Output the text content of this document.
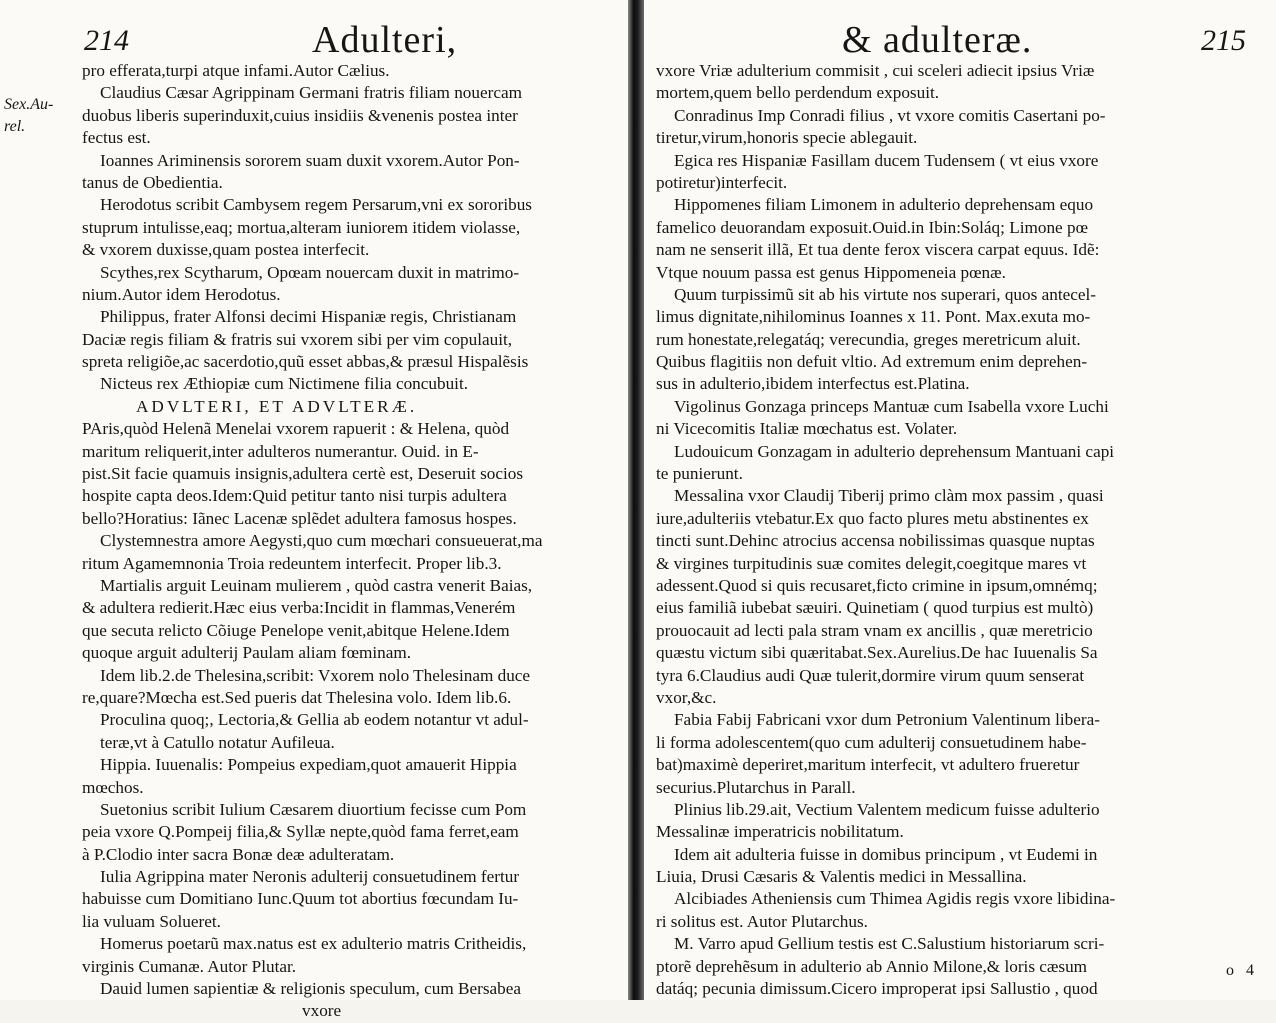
214	Adulteri,
Sex.Au-
rel.
pro efferata,turpi atque infami.Autor Cælius.
Claudius Cæsar Agrippinam Germani fratris filiam nouercam
duobus liberis superinduxit,cuius insidiis &venenis postea inter
fectus est.
Ioannes Ariminensis sororem suam duxit vxorem.Autor Pon-
tanus de Obedientia.
Herodotus scribit Cambysem regem Persarum,vni ex sororibus
stuprum intulisse,eaq; mortua,alteram iuniorem itidem violasse,
& vxorem duxisse,quam postea interfecit.
Scythes,rex Scytharum, Opœam nouercam duxit in matrimo-
nium.Autor idem Herodotus.
Philippus, frater Alfonsi decimi Hispaniæ regis, Christianam
Daciæ regis filiam & fratris sui vxorem sibi per vim copulauit,
spreta religiõe,ac sacerdotio,quũ esset abbas,& præsul Hispalẽsis
Nicteus rex Æthiopiæ cum Nictimene filia concubuit.
ADVLTERI, ET ADVLTERÆ.
PAris,quòd Helenã Menelai vxorem rapuerit : & Helena, quòd
maritum reliquerit,inter adulteros numerantur. Ouid. in E-
pist.Sit facie quamuis insignis,adultera certè est, Deseruit socios
hospite capta deos.Idem:Quid petitur tanto nisi turpis adultera
bello?Horatius: Iãnec Lacenæ splẽdet adultera famosus hospes.
Clystemnestra amore Aegysti,quo cum mœchari consueuerat,ma
ritum Agamemnonia Troia redeuntem interfecit. Proper lib.3.
Martialis arguit Leuinam mulierem , quòd castra venerit Baias,
& adultera redierit.Hæc eius verba:Incidit in flammas,Venerém
que secuta relicto Cõiuge Penelope venit,abitque Helene.Idem
quoque arguit adulterij Paulam aliam fœminam.
Idem lib.2.de Thelesina,scribit: Vxorem nolo Thelesinam duce
re,quare?Mœcha est.Sed pueris dat Thelesina volo. Idem lib.6.
Proculina quoq;, Lectoria,& Gellia ab eodem notantur vt adul-
teræ,vt à Catullo notatur Aufileua.
Hippia. Iuuenalis: Pompeius expediam,quot amauerit Hippia
mœchos.
Suetonius scribit Iulium Cæsarem diuortium fecisse cum Pom
peia vxore Q.Pompeij filia,& Syllæ nepte,quòd fama ferret,eam
à P.Clodio inter sacra Bonæ deæ adulteratam.
Iulia Agrippina mater Neronis adulterij consuetudinem fertur
habuisse cum Domitiano Iunc.Quum tot abortius fœcundam Iu-
lia vuluam Solueret.
Homerus poetarũ max.natus est ex adulterio matris Critheidis,
virginis Cumanæ. Autor Plutar.
Dauid lumen sapientiæ & religionis speculum, cum Bersabea
vxore
& adulteræ.	215
vxore Vriæ adulterium commisit , cui sceleri adiecit ipsius Vriæ
mortem,quem bello perdendum exposuit.
Conradinus Imp Conradi filius , vt vxore comitis Casertani po-
tiretur,virum,honoris specie ablegauit.
Egica res Hispaniæ Fasillam ducem Tudensem ( vt eius vxore
potiretur)interfecit.
Hippomenes filiam Limonem in adulterio deprehensam equo
famelico deuorandam exposuit.Ouid.in Ibin:Soláq; Limone pœ
nam ne senserit illã, Et tua dente ferox viscera carpat equus. Idẽ:
Vtque nouum passa est genus Hippomeneia pœnæ.
Quum turpissimũ sit ab his virtute nos superari, quos antecel-
limus dignitate,nihilominus Ioannes x 11. Pont. Max.exuta mo-
rum honestate,relegatáq; verecundia, greges meretricum aluit.
Quibus flagitiis non defuit vltio. Ad extremum enim deprehen-
sus in adulterio,ibidem interfectus est.Platina.
Vigolinus Gonzaga princeps Mantuæ cum Isabella vxore Luchi
ni Vicecomitis Italiæ mœchatus est. Volater.
Ludouicum Gonzagam in adulterio deprehensum Mantuani capi
te punierunt.
Messalina vxor Claudij Tiberij primo clàm mox passim , quasi
iure,adulteriis vtebatur.Ex quo facto plures metu abstinentes ex
tincti sunt.Dehinc atrocius accensa nobilissimas quasque nuptas
& virgines turpitudinis suæ comites delegit,coegitque mares vt
adessent.Quod si quis recusaret,ficto crimine in ipsum,omnémq;
eius familiã iubebat sæuiri. Quinetiam ( quod turpius est multò)
prouocauit ad lecti pala stram vnam ex ancillis , quæ meretricio
quæstu victum sibi quæritabat.Sex.Aurelius.De hac Iuuenalis Sa
tyra 6.Claudius audi Quæ tulerit,dormire virum quum senserat
vxor,&c.
Fabia Fabij Fabricani vxor dum Petronium Valentinum libera-
li forma adolescentem(quo cum adulterij consuetudinem habe-
bat)maximè deperiret,maritum interfecit, vt adultero frueretur
securius.Plutarchus in Parall.
Plinius lib.29.ait, Vectium Valentem medicum fuisse adulterio
Messalinæ imperatricis nobilitatum.
Idem ait adulteria fuisse in domibus principum , vt Eudemi in
Liuia, Drusi Cæsaris & Valentis medici in Messallina.
Alcibiades Atheniensis cum Thimea Agidis regis vxore libidina-
ri solitus est. Autor Plutarchus.
M. Varro apud Gellium testis est C.Salustium historiarum scri-
ptorẽ deprehẽsum in adulterio ab Annio Milone,& loris cæsum
datáq; pecunia dimissum.Cicero improperat ipsi Sallustio , quod
o 4
